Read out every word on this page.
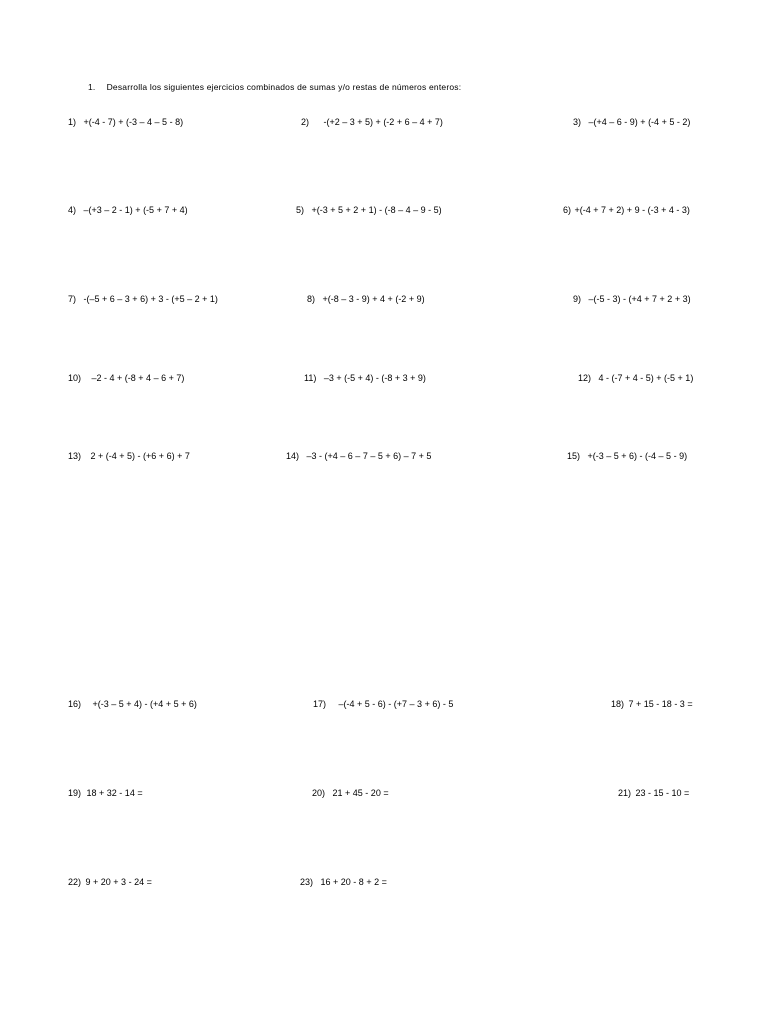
1. Desarrolla los siguientes ejercicios combinados de sumas y/o restas de números enteros:
1) +(-4 - 7) + (-3 – 4 – 5 - 8)	2) -(+2 – 3 + 5) + (-2 + 6 – 4 + 7)	3) –(+4 – 6 - 9) + (-4 + 5 - 2)
4) –(+3 – 2 - 1) + (-5 + 7 + 4)	5) +(-3 + 5 + 2 + 1) - (-8 – 4 – 9 - 5)	6) +(-4 + 7 + 2) + 9 - (-3 + 4 - 3)
7) -(–5 + 6 – 3 + 6) + 3 - (+5 – 2 + 1)	8) +(-8 – 3 - 9) + 4 + (-2 + 9)	9) –(-5 - 3) - (+4 + 7 + 2 + 3)
10) –2 - 4 + (-8 + 4 – 6 + 7)	11) –3 + (-5 + 4) - (-8 + 3 + 9)	12) 4 - (-7 + 4 - 5) + (-5 + 1)
13) 2 + (-4 + 5) - (+6 + 6) + 7	14) –3 - (+4 – 6 – 7 – 5 + 6) – 7 + 5	15) +(-3 – 5 + 6) - (-4 – 5 - 9)
16) +(-3 – 5 + 4) - (+4 + 5 + 6)	17) –(-4 + 5 - 6) - (+7 – 3 + 6) - 5	18) 7 + 15 - 18 - 3 =
19) 18 + 32 - 14 =	20) 21 + 45 - 20 =	21) 23 - 15 - 10 =
22) 9 + 20 + 3 - 24 =	23) 16 + 20 - 8 + 2 =
